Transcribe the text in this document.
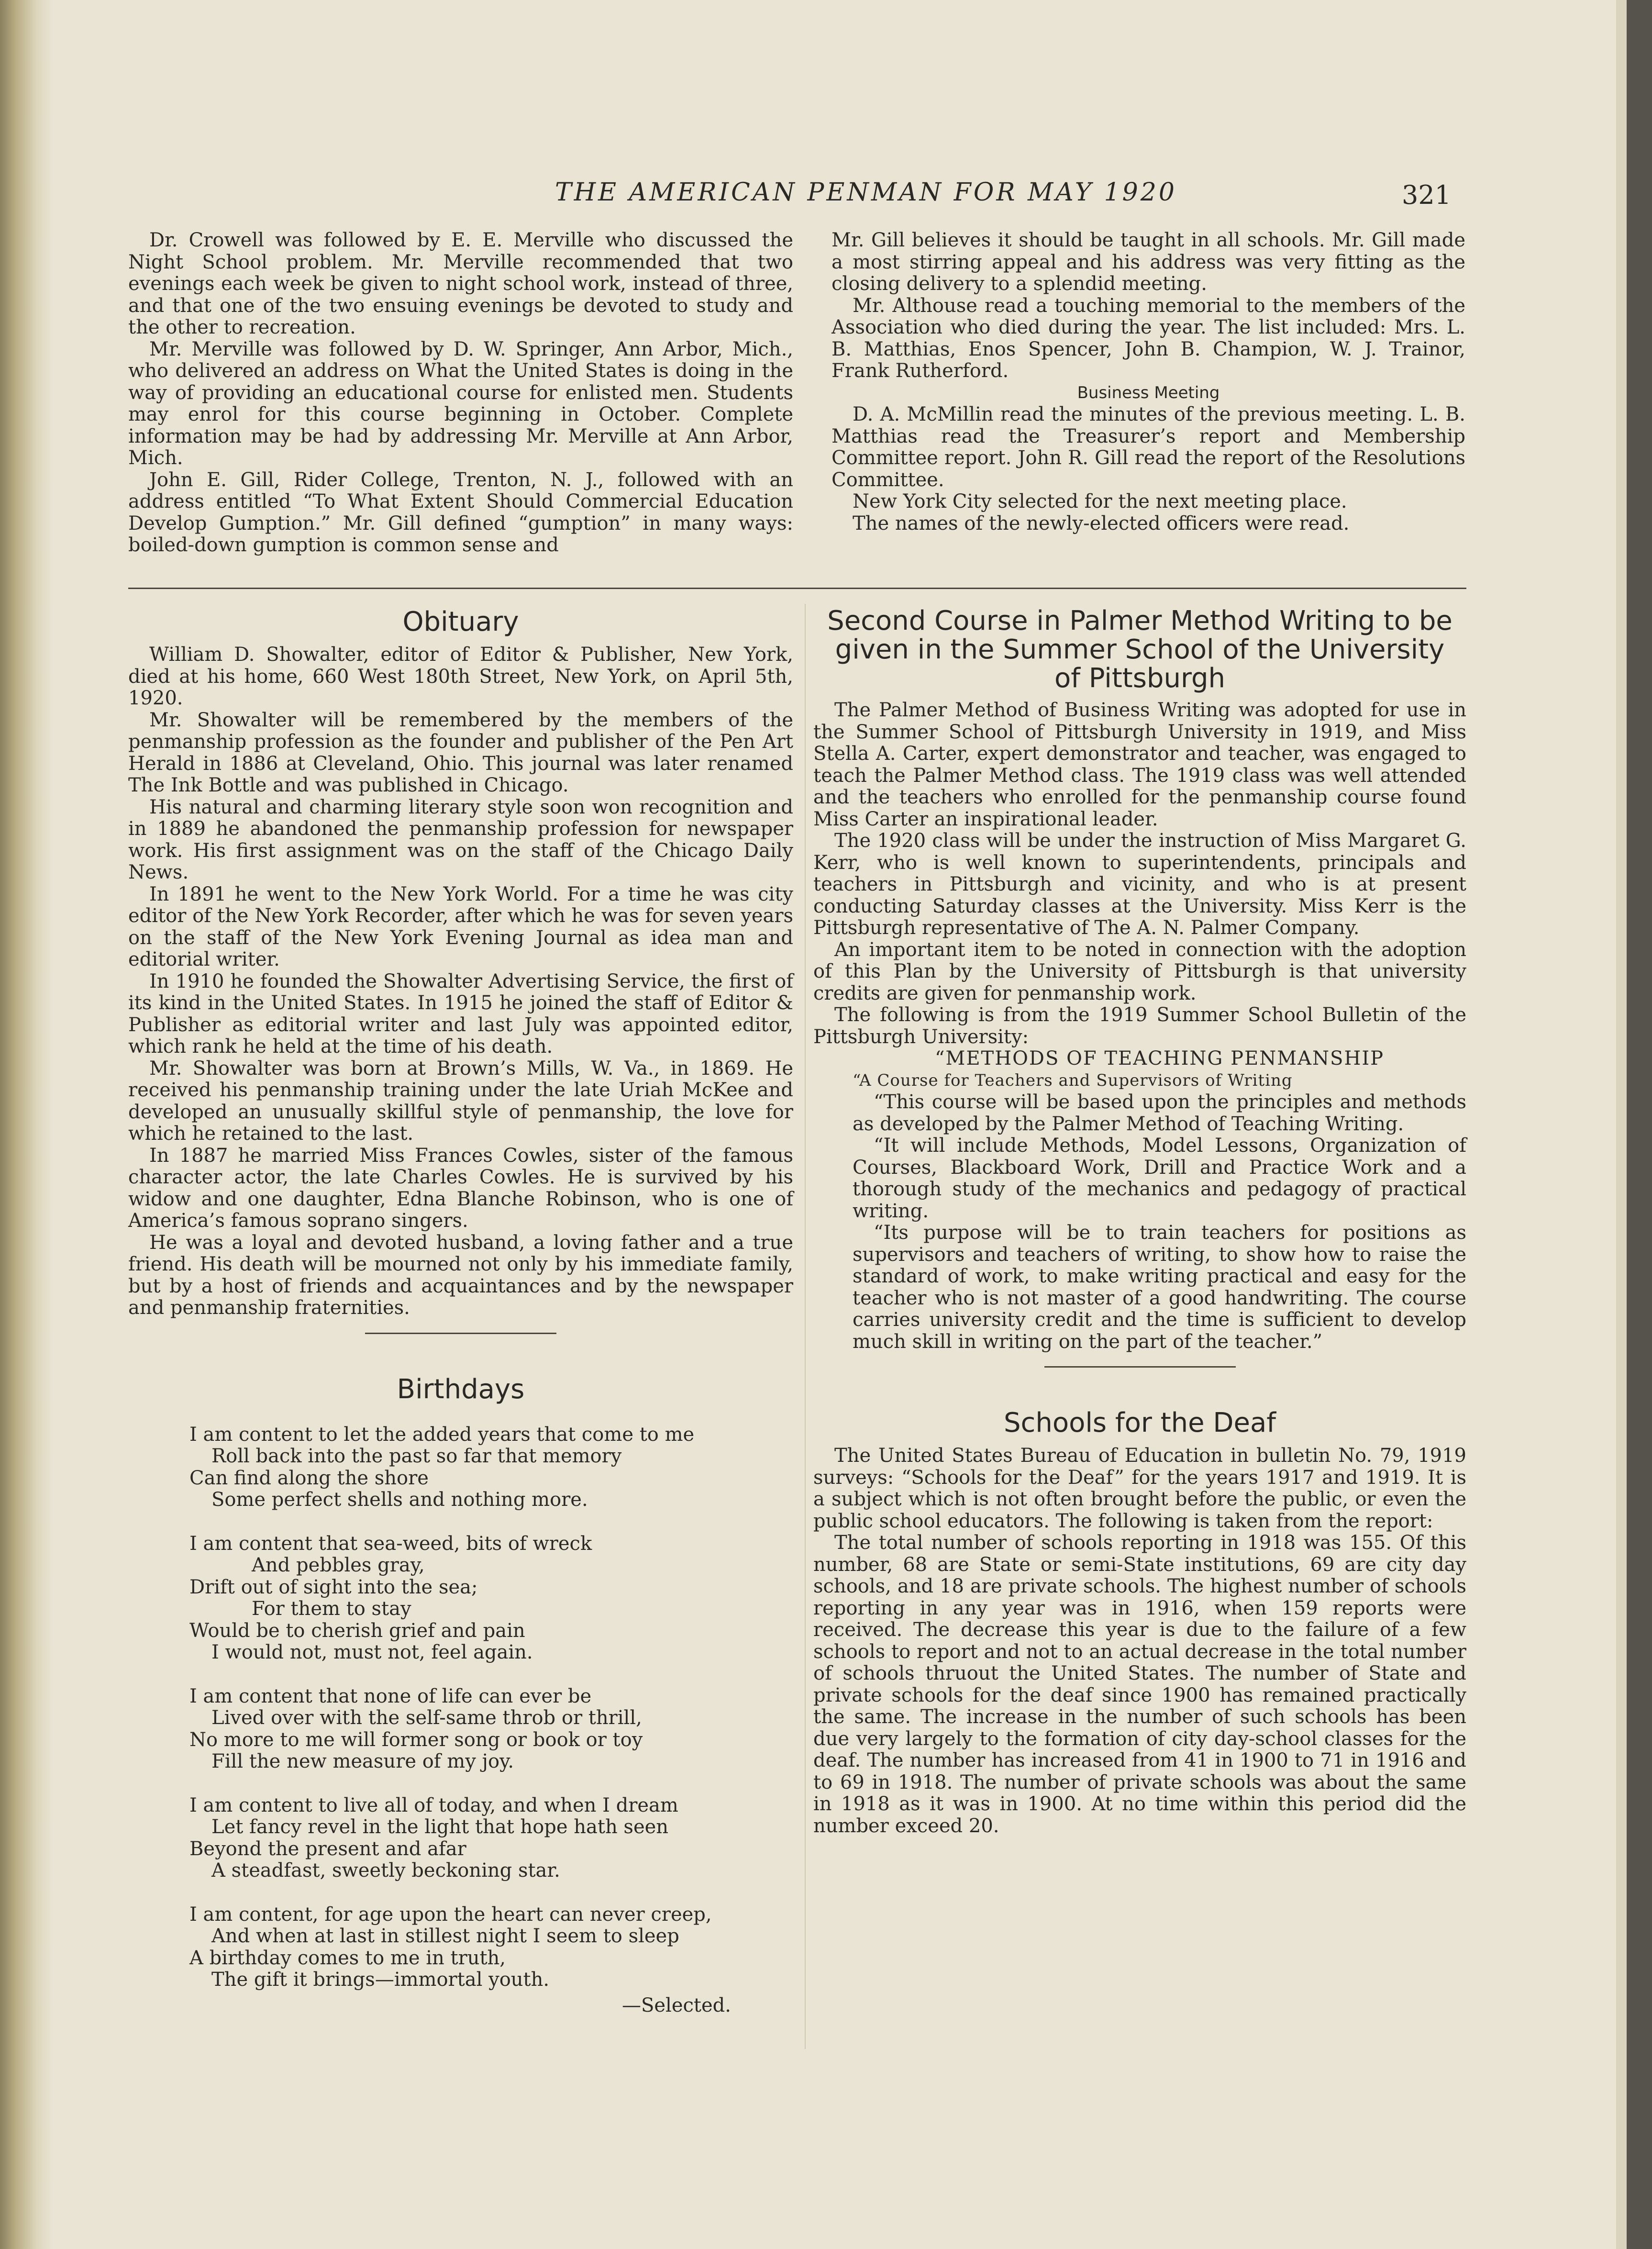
THE AMERICAN PENMAN FOR MAY 1920	321

Dr. Crowell was followed by E. E. Merville who discussed the Night School problem. Mr. Merville recommended that two evenings each week be given to night school work, instead of three, and that one of the two ensuing evenings be devoted to study and the other to recreation.

Mr. Merville was followed by D. W. Springer, Ann Arbor, Mich., who delivered an address on What the United States is doing in the way of providing an educational course for enlisted men. Students may enrol for this course beginning in October. Complete information may be had by addressing Mr. Merville at Ann Arbor, Mich.

John E. Gill, Rider College, Trenton, N. J., followed with an address entitled “To What Extent Should Commercial Education Develop Gumption.” Mr. Gill defined “gumption” in many ways: boiled-down gumption is common sense and

Mr. Gill believes it should be taught in all schools. Mr. Gill made a most stirring appeal and his address was very fitting as the closing delivery to a splendid meeting.

Mr. Althouse read a touching memorial to the members of the Association who died during the year. The list included: Mrs. L. B. Matthias, Enos Spencer, John B. Champion, W. J. Trainor, Frank Rutherford.

Business Meeting

D. A. McMillin read the minutes of the previous meeting. L. B. Matthias read the Treasurer’s report and Membership Committee report. John R. Gill read the report of the Resolutions Committee.

New York City selected for the next meeting place.

The names of the newly-elected officers were read.

Obituary

William D. Showalter, editor of Editor & Publisher, New York, died at his home, 660 West 180th Street, New York, on April 5th, 1920.

Mr. Showalter will be remembered by the members of the penmanship profession as the founder and publisher of the Pen Art Herald in 1886 at Cleveland, Ohio. This journal was later renamed The Ink Bottle and was published in Chicago.

His natural and charming literary style soon won recognition and in 1889 he abandoned the penmanship profession for newspaper work. His first assignment was on the staff of the Chicago Daily News.

In 1891 he went to the New York World. For a time he was city editor of the New York Recorder, after which he was for seven years on the staff of the New York Evening Journal as idea man and editorial writer.

In 1910 he founded the Showalter Advertising Service, the first of its kind in the United States. In 1915 he joined the staff of Editor & Publisher as editorial writer and last July was appointed editor, which rank he held at the time of his death.

Mr. Showalter was born at Brown’s Mills, W. Va., in 1869. He received his penmanship training under the late Uriah McKee and developed an unusually skillful style of penmanship, the love for which he retained to the last.

In 1887 he married Miss Frances Cowles, sister of the famous character actor, the late Charles Cowles. He is survived by his widow and one daughter, Edna Blanche Robinson, who is one of America’s famous soprano singers.

He was a loyal and devoted husband, a loving father and a true friend. His death will be mourned not only by his immediate family, but by a host of friends and acquaintances and by the newspaper and penmanship fraternities.

Birthdays
I am content to let the added years that come to me
Roll back into the past so far that memory
Can find along the shore
Some perfect shells and nothing more.
I am content that sea-weed, bits of wreck
And pebbles gray,
Drift out of sight into the sea;
For them to stay
Would be to cherish grief and pain
I would not, must not, feel again.
I am content that none of life can ever be
Lived over with the self-same throb or thrill,
No more to me will former song or book or toy
Fill the new measure of my joy.
I am content to live all of today, and when I dream
Let fancy revel in the light that hope hath seen
Beyond the present and afar
A steadfast, sweetly beckoning star.
I am content, for age upon the heart can never creep,
And when at last in stillest night I seem to sleep
A birthday comes to me in truth,
The gift it brings—immortal youth.
—Selected.
Second Course in Palmer Method Writing to be given in the Summer School of the University of Pittsburgh

The Palmer Method of Business Writing was adopted for use in the Summer School of Pittsburgh University in 1919, and Miss Stella A. Carter, expert demonstrator and teacher, was engaged to teach the Palmer Method class. The 1919 class was well attended and the teachers who enrolled for the penmanship course found Miss Carter an inspirational leader.

The 1920 class will be under the instruction of Miss Margaret G. Kerr, who is well known to superintendents, principals and teachers in Pittsburgh and vicinity, and who is at present conducting Saturday classes at the University. Miss Kerr is the Pittsburgh representative of The A. N. Palmer Company.

An important item to be noted in connection with the adoption of this Plan by the University of Pittsburgh is that university credits are given for penmanship work.

The following is from the 1919 Summer School Bulletin of the Pittsburgh University:

“METHODS OF TEACHING PENMANSHIP

“A Course for Teachers and Supervisors of Writing

“This course will be based upon the principles and methods as developed by the Palmer Method of Teaching Writing.

“It will include Methods, Model Lessons, Organization of Courses, Blackboard Work, Drill and Practice Work and a thorough study of the mechanics and pedagogy of practical writing.

“Its purpose will be to train teachers for positions as supervisors and teachers of writing, to show how to raise the standard of work, to make writing practical and easy for the teacher who is not master of a good handwriting. The course carries university credit and the time is sufficient to develop much skill in writing on the part of the teacher.”

Schools for the Deaf

The United States Bureau of Education in bulletin No. 79, 1919 surveys: “Schools for the Deaf” for the years 1917 and 1919. It is a subject which is not often brought before the public, or even the public school educators. The following is taken from the report:

The total number of schools reporting in 1918 was 155. Of this number, 68 are State or semi-State institutions, 69 are city day schools, and 18 are private schools. The highest number of schools reporting in any year was in 1916, when 159 reports were received. The decrease this year is due to the failure of a few schools to report and not to an actual decrease in the total number of schools thruout the United States. The number of State and private schools for the deaf since 1900 has remained practically the same. The increase in the number of such schools has been due very largely to the formation of city day-school classes for the deaf. The number has increased from 41 in 1900 to 71 in 1916 and to 69 in 1918. The number of private schools was about the same in 1918 as it was in 1900. At no time within this period did the number exceed 20.
